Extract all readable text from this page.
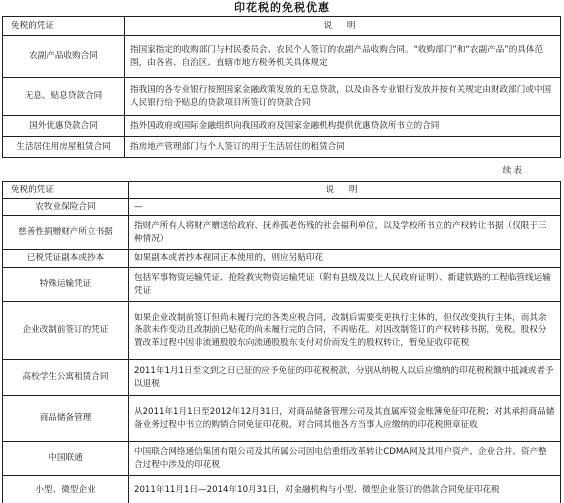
印花税的免税优惠
免税的凭证	说 明
农副产品收购合同	指国家指定的收购部门与村民委员会、农民个人签订的农副产品收购合同。“收购部门”和“农副产品”的具体范围，由各省、自治区、直辖市地方税务机关具体规定
无息、贴息贷款合同	指我国的各专业银行按照国家金融政策发放的无息贷款，以及由各专业银行发放并按有关规定由财政部门或中国人民银行给予贴息的贷款项目所签订的贷款合同
国外优惠贷款合同	指外国政府或国际金融组织向我国政府及国家金融机构提供优惠贷款所书立的合同
生活居住用房屋租赁合同	指房地产管理部门与个人签订的用于生活居住的租赁合同
续表
免税的凭证	说 明
农牧业保险合同	—
慈善性捐赠财产所立书据	指财产所有人将财产赠送给政府、抚养孤老伤残的社会福利单位，以及学校所书立的产权转让书据（仅限于三种情况）
已税凭证副本或抄本	如果副本或者抄本视同正本使用的，则应另贴印花
特殊运输凭证	包括军事物资运输凭证、抢险救灾物资运输凭证（附有县级及以上人民政府证明）、新建铁路的工程临管线运输凭证
企业改制前签订的凭证	如果企业改制前签订但尚未履行完的各类应税合同，改制后需要变更执行主体的，但仅改变执行主体，而其余条款未作变动且改制前已贴花的尚未履行完的合同，不再贴花。对因改制签订的产权转移书据，免税。股权分置改革过程中因非流通股股东向流通股股东支付对价而发生的股权转让，暂免征收印花税
高校学生公寓租赁合同	2011年1月1日至文到之日已征的应予免征的印花税税款，分别从纳税人以后应缴纳的印花税税额中抵减或者予以退税
商品储备管理	从2011年1月1日至2012年12月31日，对商品储备管理公司及其直属库资金账簿免征印花税；对其承担商品储备业务过程中书立的购销合同免征印花税，对合同其他各方当事人应缴纳的印花税照章征收
中国联通	中国联合网络通信集团有限公司及其所属公司因电信重组改革转让CDMA网及其用户资产、企业合并、资产整合过程中涉及的印花税
小型、微型企业	2011年11月1日—2014年10月31日，对金融机构与小型、微型企业签订的借款合同免征印花税
